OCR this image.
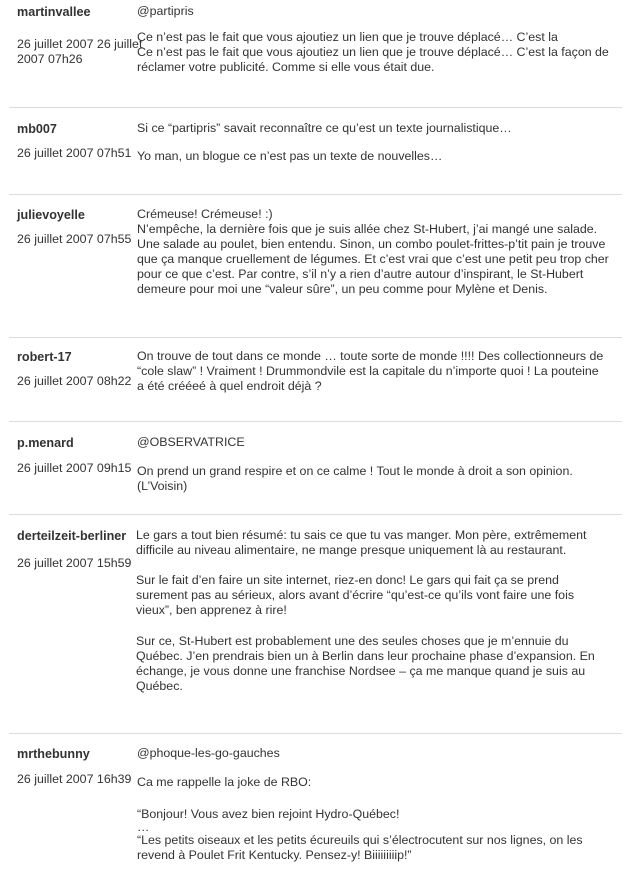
martinvallee
26 juillet 2007 26 juillet 2007 07h26

@partipris

Ce n’est pas le fait que vous ajoutiez un lien que je trouve déplacé… C’est la

Ce n’est pas le fait que vous ajoutiez un lien que je trouve déplacé… C’est la façon de réclamer votre publicité. Comme si elle vous était due.

mb007
26 juillet 2007 07h51

Si ce “partipris” savait reconnaître ce qu’est un texte journalistique…

Yo man, un blogue ce n’est pas un texte de nouvelles…

julievoyelle
26 juillet 2007 07h55
Crémeuse! Crémeuse! :)
N’empêche, la dernière fois que je suis allée chez St-Hubert, j’ai mangé une salade. Une salade au poulet, bien entendu. Sinon, un combo poulet-frittes-p’tit pain je trouve que ça manque cruellement de légumes. Et c’est vrai que c’est une petit peu trop cher pour ce que c’est. Par contre, s’il n’y a rien d’autre autour d’inspirant, le St-Hubert demeure pour moi une “valeur sûre”, un peu comme pour Mylène et Denis.
robert-17
26 juillet 2007 08h22

On trouve de tout dans ce monde … toute sorte de monde !!!! Des collectionneurs de “cole slaw” ! Vraiment ! Drummondvile est la capitale du n’importe quoi ! La pouteine a été crééeé à quel endroit déjà ?

p.menard
26 juillet 2007 09h15

@OBSERVATRICE

On prend un grand respire et on ce calme ! Tout le monde à droit a son opinion. (L’Voisin)

derteilzeit-berliner
26 juillet 2007 15h59

Le gars a tout bien résumé: tu sais ce que tu vas manger. Mon père, extrêmement difficile au niveau alimentaire, ne mange presque uniquement là au restaurant.

Sur le fait d’en faire un site internet, riez-en donc! Le gars qui fait ça se prend surement pas au sérieux, alors avant d’écrire “qu’est-ce qu’ils vont faire une fois vieux”, ben apprenez à rire!

Sur ce, St-Hubert est probablement une des seules choses que je m’ennuie du Québec. J’en prendrais bien un à Berlin dans leur prochaine phase d’expansion. En échange, je vous donne une franchise Nordsee – ça me manque quand je suis au Québec.

mrthebunny
26 juillet 2007 16h39

@phoque-les-go-gauches

Ca me rappelle la joke de RBO:

“Bonjour! Vous avez bien rejoint Hydro-Québec!
…
“Les petits oiseaux et les petits écureuils qui s’électrocutent sur nos lignes, on les revend à Poulet Frit Kentucky. Pensez-y! Biiiiiiiiip!”
